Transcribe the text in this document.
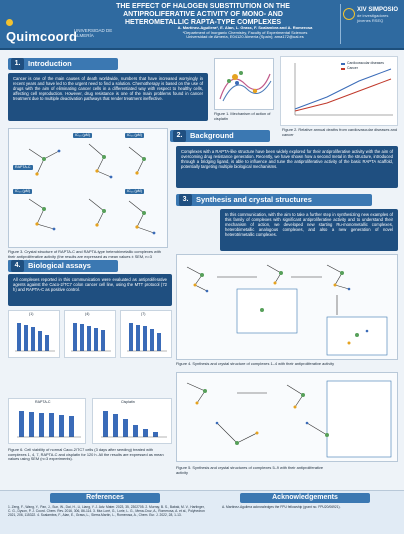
Quimcoord
UNIVERSIDAD DE ALMERÍA
THE EFFECT OF HALOGEN SUBSTITUTION ON THE ANTIPROLIFERATIVE ACTIVITY OF MONO- AND HETEROMETALLIC RAPTA-TYPE COMPLEXES
A. Martínez-Aguilera*, E. Alan, L. Grass, F. Scalambra and A. Romerosa
*Department of Inorganic Chemistry, Faculty of Experimental Sciences
Universidad de Almería, E04120 Almería (Spain); ama172@ual.es
XIV SIMPOSIO
de investigadores jóvenes RSEQ
1.	Introduction
Cancer is one of the main causes of death worldwide, numbers that have increased worryingly in recent years and have led to the urgent need to find a solution. Chemotherapy is based on the use of drugs with the aim of eliminating cancer cells in a differentiated way with respect to healthy cells, affecting cell reproduction. However, drug resistance is one of the main problems found in cancer treatment due to multiple deactivation pathways that render treatment ineffective.
Figure 1. Mechanism of action of cisplatin
Cardiovascular diseases
Cancer
Figure 2. Relative annual deaths from cardiovascular diseases and cancer
2.	Background
Complexes with a RAPTA-like structure have been widely explored for their antiproliferative activity with the aim of overcoming drug resistance generation. Recently, we have shown how a second metal in the structure, introduced through a bridging ligand, is able to influence and tune the antiproliferative activity of the basic RAPTA scaffold, potentially targeting multiple biological mechanisms.
RAPTA-C
IC₅₀ (µM)	IC₅₀ (µM)
IC₅₀ (µM)	IC₅₀ (µM)
Figure 3. Crystal structure of RAPTA-C and RAPTA-type heterobimetallic complexes with their antiproliferative activity (the results are expressed as mean values ± SEM, n=3
3.	Synthesis and crystal structures
In this communication, with the aim to take a further step in synthesizing new examples of this family of complexes with significant antiproliferative activity and to understand their mechanism of action, we developed new starting Ru-monometallic complexes, heterobimetallic analogous complexes, and also a new generation of novel heterotrimetallic complexes.
Figure 4. Synthesis and crystal structure of complexes 1–4 with their antiproliferative activity
4.	Biological assays
All complexes reported in this communication were evaluated as antiproliferative agents against the Caco-2/TC7 colon cancer cell line, using the MTT protocol (72 h) and RAPTA-C as positive control.
(1)	(4)	(7)
RAPTA-C	Cisplatin
Figure 6. Cell viability of normal Caco-2/TC7 cells (3 days after seeding) treated with complexes 1, 4, 7, RAPTA-C and cisplatin for 120 h. All the results are expressed as mean values using SEM (n=3 experiments).
Figure 5. Synthesis and crystal structures of complexes 5–9 with their antiproliferative activity
References
1. Zeng, F., Wang, Y., Pan, J., Sun, W., Dai, H., Li, Liang, Y. J. Adv. Mater. 2023, 35, 2302705. 2. Murray, B. S., Babak, M. V., Hartinger, C. G., Dyson, P. J. Coord. Chem. Rev. 2016, 306, 86-114. 3. Mur-Lorè, G., Lorie, L. G., Mena-Cruz, A., Romerosa, A. et al., Polyhedron 2021, 206, 115322. 4. Scalambra, F., Alan, E., Grass, L., Sierra-Martín, L., Romerosa, A., Chem. Eur. J. 2022, 28, 1-13.
Acknowledgements
A. Martínez-Aguilera acknowledges the FPU fellowship (grant no. FPU20/06921).
